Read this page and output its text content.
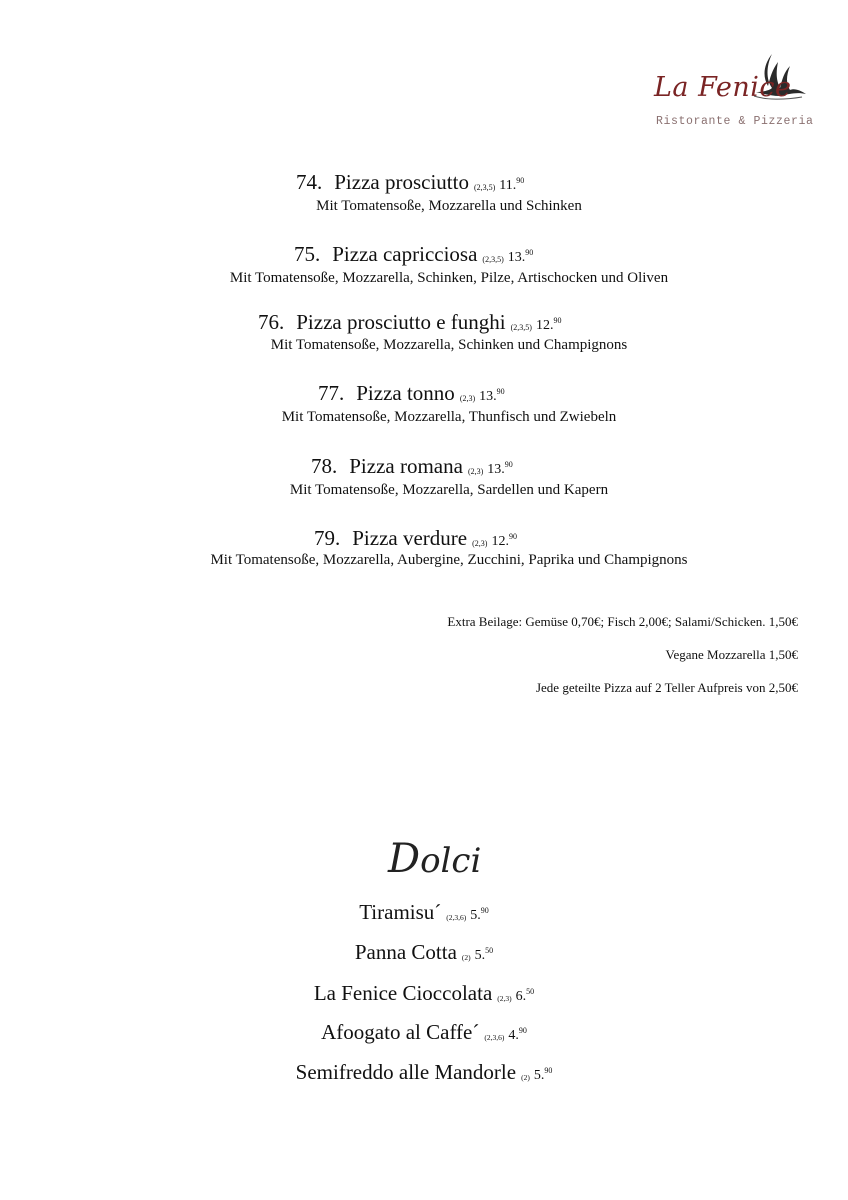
La Fenice
Ristorante & Pizzeria
74. Pizza prosciutto (2,3,5) 11.90
Mit Tomatensoße, Mozzarella und Schinken
75. Pizza capricciosa (2,3,5) 13.90
Mit Tomatensoße, Mozzarella, Schinken, Pilze, Artischocken und Oliven
76. Pizza prosciutto e funghi (2,3,5) 12.90
Mit Tomatensoße, Mozzarella, Schinken und Champignons
77. Pizza tonno (2,3) 13.90
Mit Tomatensoße, Mozzarella, Thunfisch und Zwiebeln
78. Pizza romana (2,3) 13.90
Mit Tomatensoße, Mozzarella, Sardellen und Kapern
79. Pizza verdure (2,3) 12.90
Mit Tomatensoße, Mozzarella, Aubergine, Zucchini, Paprika und Champignons
Extra Beilage: Gemüse 0,70€; Fisch 2,00€; Salami/Schicken. 1,50€
Vegane Mozzarella 1,50€
Jede geteilte Pizza auf 2 Teller Aufpreis von 2,50€
Dolci
Tiramisu´ (2,3,6) 5.90
Panna Cotta (2) 5.50
La Fenice Cioccolata (2,3) 6.50
Afoogato al Caffe´ (2,3,6) 4.90
Semifreddo alle Mandorle (2) 5.90
